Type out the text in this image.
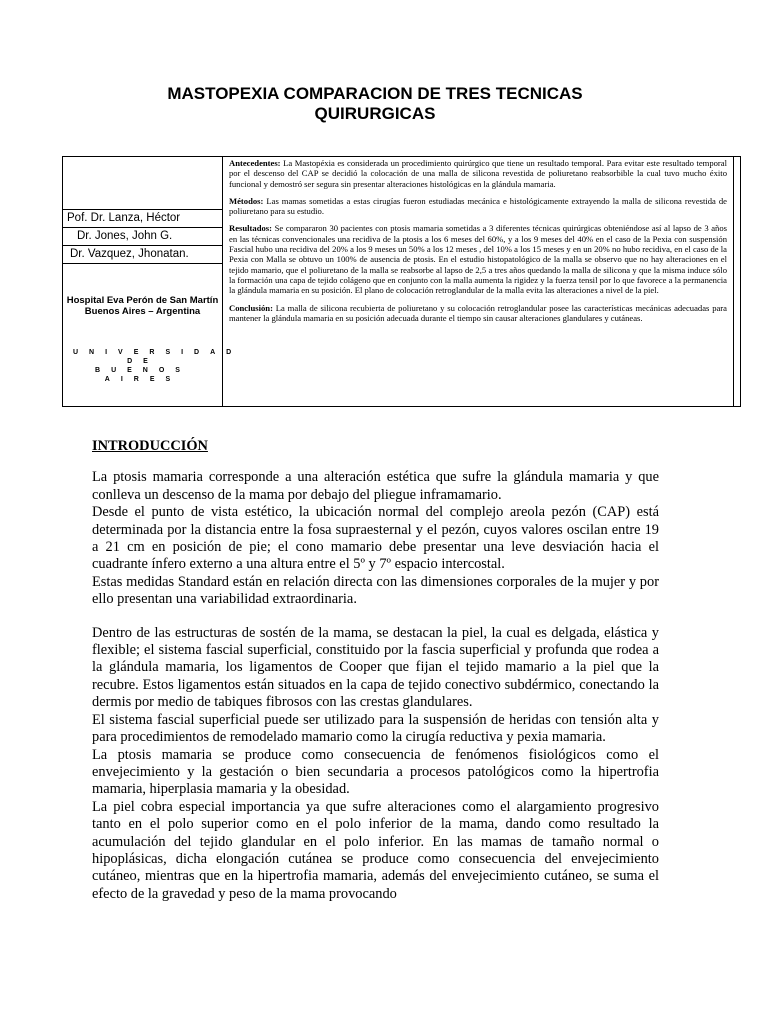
MASTOPEXIA COMPARACION DE TRES TECNICAS
QUIRURGICAS
Pof. Dr. Lanza, Héctor
Dr. Jones, John G.
Dr. Vazquez, Jhonatan.
Hospital Eva Perón de San Martín
Buenos Aires – Argentina
UNIVERSIDAD DE BUENOS AIRES

Antecedentes: La Mastopéxia es considerada un procedimiento quirúrgico que tiene un resultado temporal. Para evitar este resultado temporal por el descenso del CAP se decidió la colocación de una malla de silicona revestida de poliuretano reabsorbible la cual tuvo mucho éxito funcional y demostró ser segura sin presentar alteraciones histológicas en la glándula mamaria.

Métodos: Las mamas sometidas a estas cirugías fueron estudiadas mecánica e histológicamente extrayendo la malla de silicona revestida de poliuretano para su estudio.

Resultados: Se compararon 30 pacientes con ptosis mamaria sometidas a 3 diferentes técnicas quirúrgicas obteniéndose así al lapso de 3 años en las técnicas convencionales una recidiva de la ptosis a los 6 meses del 60%, y a los 9 meses del 40% en el caso de la Pexia con suspensión Fascial hubo una recidiva del 20% a los 9 meses un 50% a los 12 meses , del 10% a los 15 meses y en un 20% no hubo recidiva, en el caso de la Pexia con Malla se obtuvo un 100% de ausencia de ptosis. En el estudio histopatológico de la malla se observo que no hay alteraciones en el tejido mamario, que el poliuretano de la malla se reabsorbe al lapso de 2,5 a tres años quedando la malla de silicona y que la misma induce sólo la formación una capa de tejido colágeno que en conjunto con la malla aumenta la rigidez y la fuerza tensil por lo que favorece a la permanencia la glándula mamaria en su posición. El plano de colocación retroglandular de la malla evita las alteraciones a nivel de la piel.

Conclusión: La malla de silicona recubierta de poliuretano y su colocación retroglandular posee las características mecánicas adecuadas para mantener la glándula mamaria en su posición adecuada durante el tiempo sin causar alteraciones glandulares y cutáneas.

INTRODUCCIÓN

La ptosis mamaria corresponde a una alteración estética que sufre la glándula mamaria y que conlleva un descenso de la mama por debajo del pliegue inframamario.

Desde el punto de vista estético, la ubicación normal del complejo areola pezón (CAP) está determinada por la distancia entre la fosa supraesternal y el pezón, cuyos valores oscilan entre 19 a 21 cm en posición de pie; el cono mamario debe presentar una leve desviación hacia el cuadrante ínfero externo a una altura entre el 5º y 7º espacio intercostal.

Estas medidas Standard están en relación directa con las dimensiones corporales de la mujer y por ello presentan una variabilidad extraordinaria.

Dentro de las estructuras de sostén de la mama, se destacan la piel, la cual es delgada, elástica y flexible; el sistema fascial superficial, constituido por la fascia superficial y profunda que rodea a la glándula mamaria, los ligamentos de Cooper que fijan el tejido mamario a la piel que la recubre. Estos ligamentos están situados en la capa de tejido conectivo subdérmico, conectando la dermis por medio de tabiques fibrosos con las crestas glandulares.

El sistema fascial superficial puede ser utilizado para la suspensión de heridas con tensión alta y para procedimientos de remodelado mamario como la cirugía reductiva y pexia mamaria.

La ptosis mamaria se produce como consecuencia de fenómenos fisiológicos como el envejecimiento y la gestación o bien secundaria a procesos patológicos como la hipertrofia mamaria, hiperplasia mamaria y la obesidad.

La piel cobra especial importancia ya que sufre alteraciones como el alargamiento progresivo tanto en el polo superior como en el polo inferior de la mama, dando como resultado la acumulación del tejido glandular en el polo inferior. En las mamas de tamaño normal o hipoplásicas, dicha elongación cutánea se produce como consecuencia del envejecimiento cutáneo, mientras que en la hipertrofia mamaria, además del envejecimiento cutáneo, se suma el efecto de la gravedad y peso de la mama provocando
